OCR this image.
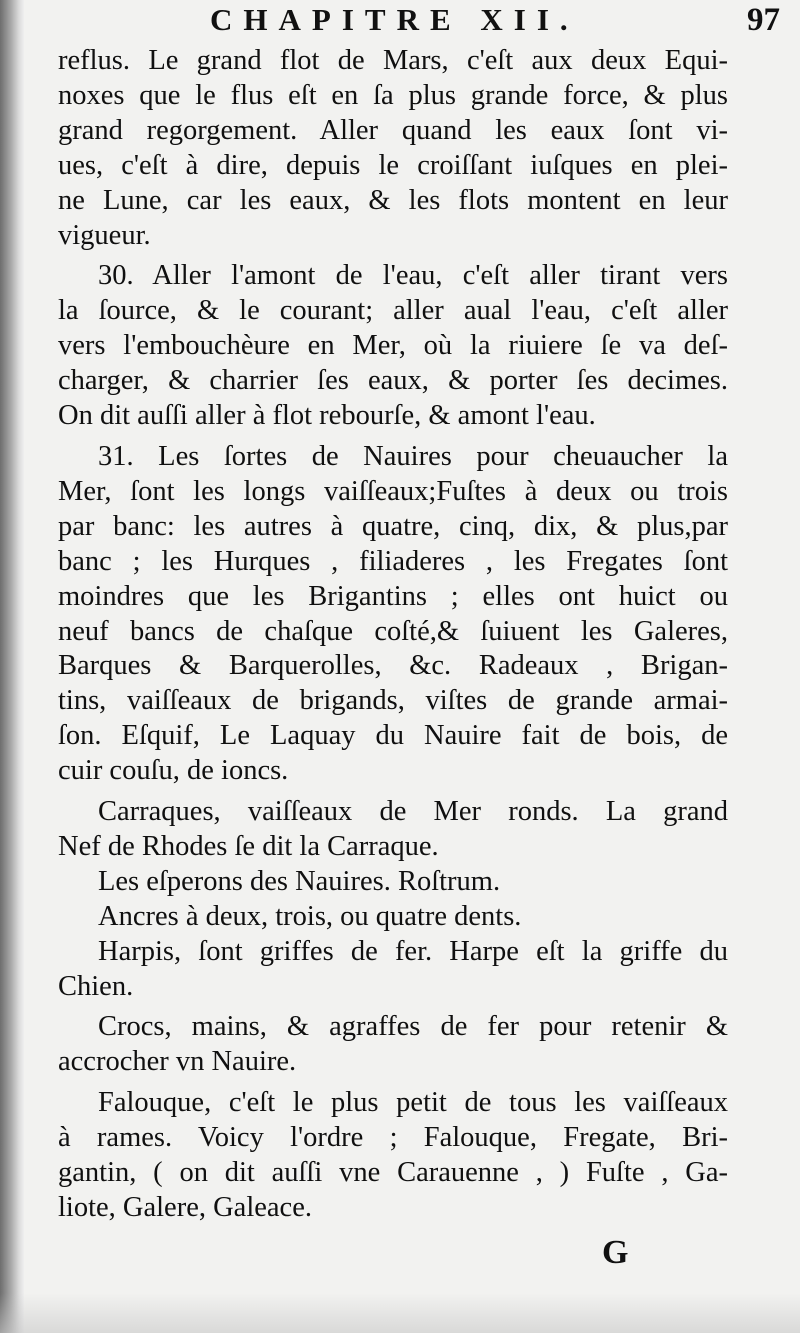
CHAPITRE XII.	97
reflus. Le grand flot de Mars, c'eſt aux deux Equi-
noxes que le flus eſt en ſa plus grande force, & plus
grand regorgement. Aller quand les eaux ſont vi-
ues, c'eſt à dire, depuis le croiſſant iuſques en plei-
ne Lune, car les eaux, & les flots montent en leur
vigueur.
30. Aller l'amont de l'eau, c'eſt aller tirant vers
la ſource, & le courant; aller aual l'eau, c'eſt aller
vers l'embouchèure en Mer, où la riuiere ſe va deſ-
charger, & charrier ſes eaux, & porter ſes decimes.
On dit auſſi aller à flot rebourſe, & amont l'eau.
31. Les ſortes de Nauires pour cheuaucher la
Mer, ſont les longs vaiſſeaux;Fuſtes à deux ou trois
par banc: les autres à quatre, cinq, dix, & plus,par
banc ; les Hurques , filiaderes , les Fregates ſont
moindres que les Brigantins ; elles ont huict ou
neuf bancs de chaſque coſté,& ſuiuent les Galeres,
Barques & Barquerolles, &c. Radeaux , Brigan-
tins, vaiſſeaux de brigands, viſtes de grande armai-
ſon. Eſquif, Le Laquay du Nauire fait de bois, de
cuir couſu, de ioncs.
Carraques, vaiſſeaux de Mer ronds. La grand
Nef de Rhodes ſe dit la Carraque.
Les eſperons des Nauires. Roſtrum.
Ancres à deux, trois, ou quatre dents.
Harpis, ſont griffes de fer. Harpe eſt la griffe du
Chien.
Crocs, mains, & agraffes de fer pour retenir &
accrocher vn Nauire.
Falouque, c'eſt le plus petit de tous les vaiſſeaux
à rames. Voicy l'ordre ; Falouque, Fregate, Bri-
gantin, ( on dit auſſi vne Carauenne , ) Fuſte , Ga-
liote, Galere, Galeace.
G
